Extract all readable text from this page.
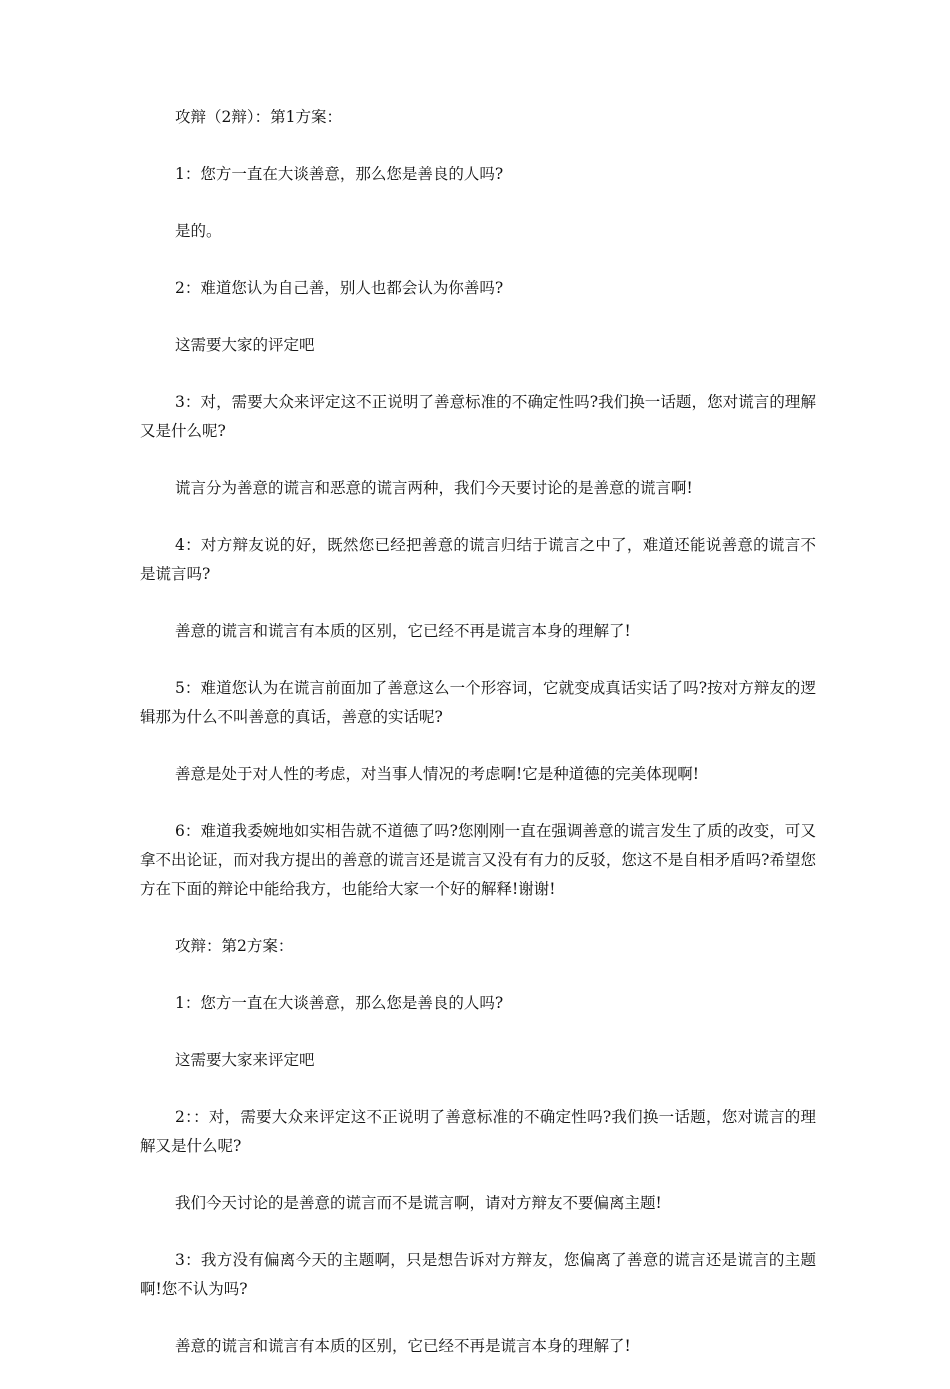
攻辩（2辩）：第1方案：

1：您方一直在大谈善意，那么您是善良的人吗?

是的。

2：难道您认为自己善，别人也都会认为你善吗?

这需要大家的评定吧

3：对，需要大众来评定这不正说明了善意标准的不确定性吗?我们换一话题，您对谎言的理解又是什么呢?

谎言分为善意的谎言和恶意的谎言两种，我们今天要讨论的是善意的谎言啊!

4：对方辩友说的好，既然您已经把善意的谎言归结于谎言之中了，难道还能说善意的谎言不是谎言吗?

善意的谎言和谎言有本质的区别，它已经不再是谎言本身的理解了!

5：难道您认为在谎言前面加了善意这么一个形容词，它就变成真话实话了吗?按对方辩友的逻辑那为什么不叫善意的真话，善意的实话呢?

善意是处于对人性的考虑，对当事人情况的考虑啊!它是种道德的完美体现啊!

6：难道我委婉地如实相告就不道德了吗?您刚刚一直在强调善意的谎言发生了质的改变，可又拿不出论证，而对我方提出的善意的谎言还是谎言又没有有力的反驳，您这不是自相矛盾吗?希望您方在下面的辩论中能给我方，也能给大家一个好的解释!谢谢!

攻辩：第2方案：

1：您方一直在大谈善意，那么您是善良的人吗?

这需要大家来评定吧

2：：对，需要大众来评定这不正说明了善意标准的不确定性吗?我们换一话题，您对谎言的理解又是什么呢?

我们今天讨论的是善意的谎言而不是谎言啊，请对方辩友不要偏离主题!

3：我方没有偏离今天的主题啊，只是想告诉对方辩友，您偏离了善意的谎言还是谎言的主题啊!您不认为吗?

善意的谎言和谎言有本质的区别，它已经不再是谎言本身的理解了!
